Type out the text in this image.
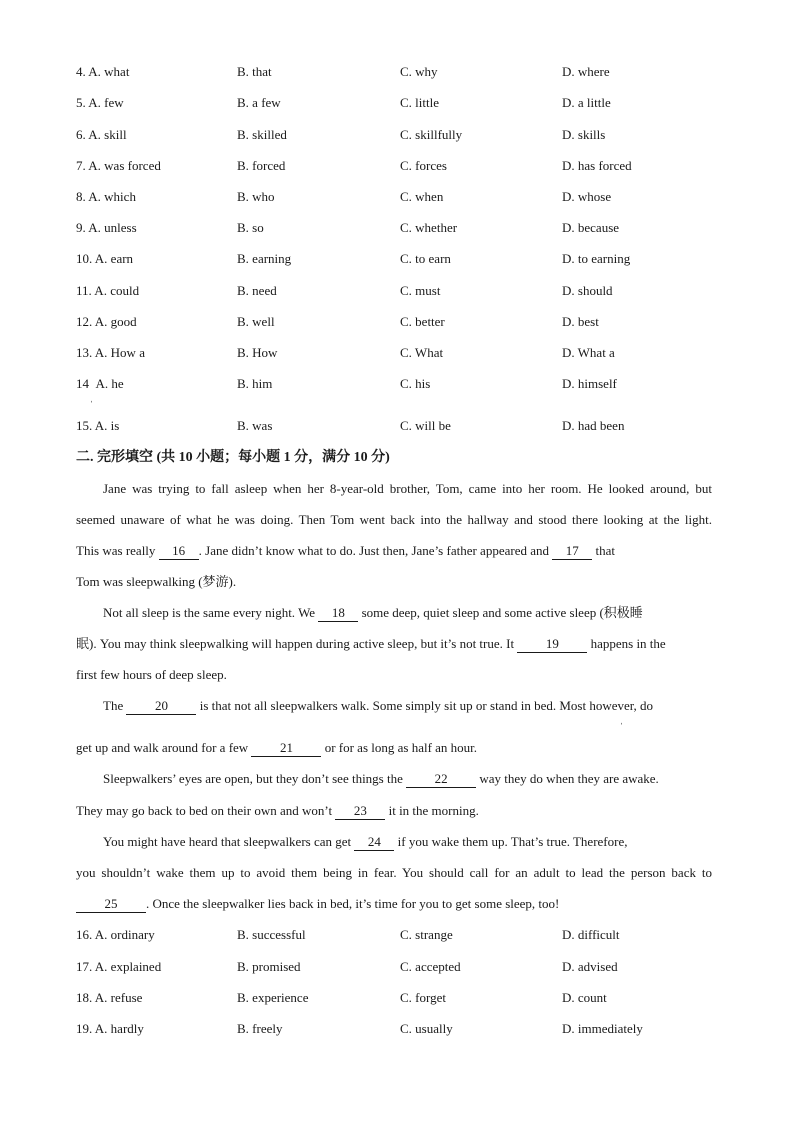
4. A. what	B. that	C. why	D. where
5. A. few	B. a few	C. little	D. a little
6. A. skill	B. skilled	C. skillfully	D. skills
7. A. was forced	B. forced	C. forces	D. has forced
8. A. which	B. who	C. when	D. whose
9. A. unless	B. so	C. whether	D. because
10. A. earn	B. earning	C. to earn	D. to earning
11. A. could	B. need	C. must	D. should
12. A. good	B. well	C. better	D. best
13. A. How a	B. How	C. What	D. What a
14 A. he	B. him	C. his	D. himself
ˌ
15. A. is	B. was	C. will be	D. had been
二. 完形填空 (共 10 小题；每小题 1 分，满分 10 分)
Jane was trying to fall asleep when her 8-year-old brother, Tom, came into her room. He looked around, but
seemed unaware of what he was doing. Then Tom went back into the hallway and stood there looking at the light.
This was really 16 . Jane didn’t know what to do. Just then, Jane’s father appeared and 17 that
Tom was sleepwalking (梦游).
Not all sleep is the same every night. We 18 some deep, quiet sleep and some active sleep (积极睡
眠). You may think sleepwalking will happen during active sleep, but it’s not true. It 19 happens in the
first few hours of deep sleep.
The 20 is that not all sleepwalkers walk. Some simply sit up or stand in bed. Most however, do
ˌ
get up and walk around for a few 21 or for as long as half an hour.
Sleepwalkers’ eyes are open, but they don’t see things the 22 way they do when they are awake.
They may go back to bed on their own and won’t 23 it in the morning.
You might have heard that sleepwalkers can get 24 if you wake them up. That’s true. Therefore,
you shouldn’t wake them up to avoid them being in fear. You should call for an adult to lead the person back to
25 . Once the sleepwalker lies back in bed, it’s time for you to get some sleep, too!
16. A. ordinary	B. successful	C. strange	D. difficult
17. A. explained	B. promised	C. accepted	D. advised
18. A. refuse	B. experience	C. forget	D. count
19. A. hardly	B. freely	C. usually	D. immediately
